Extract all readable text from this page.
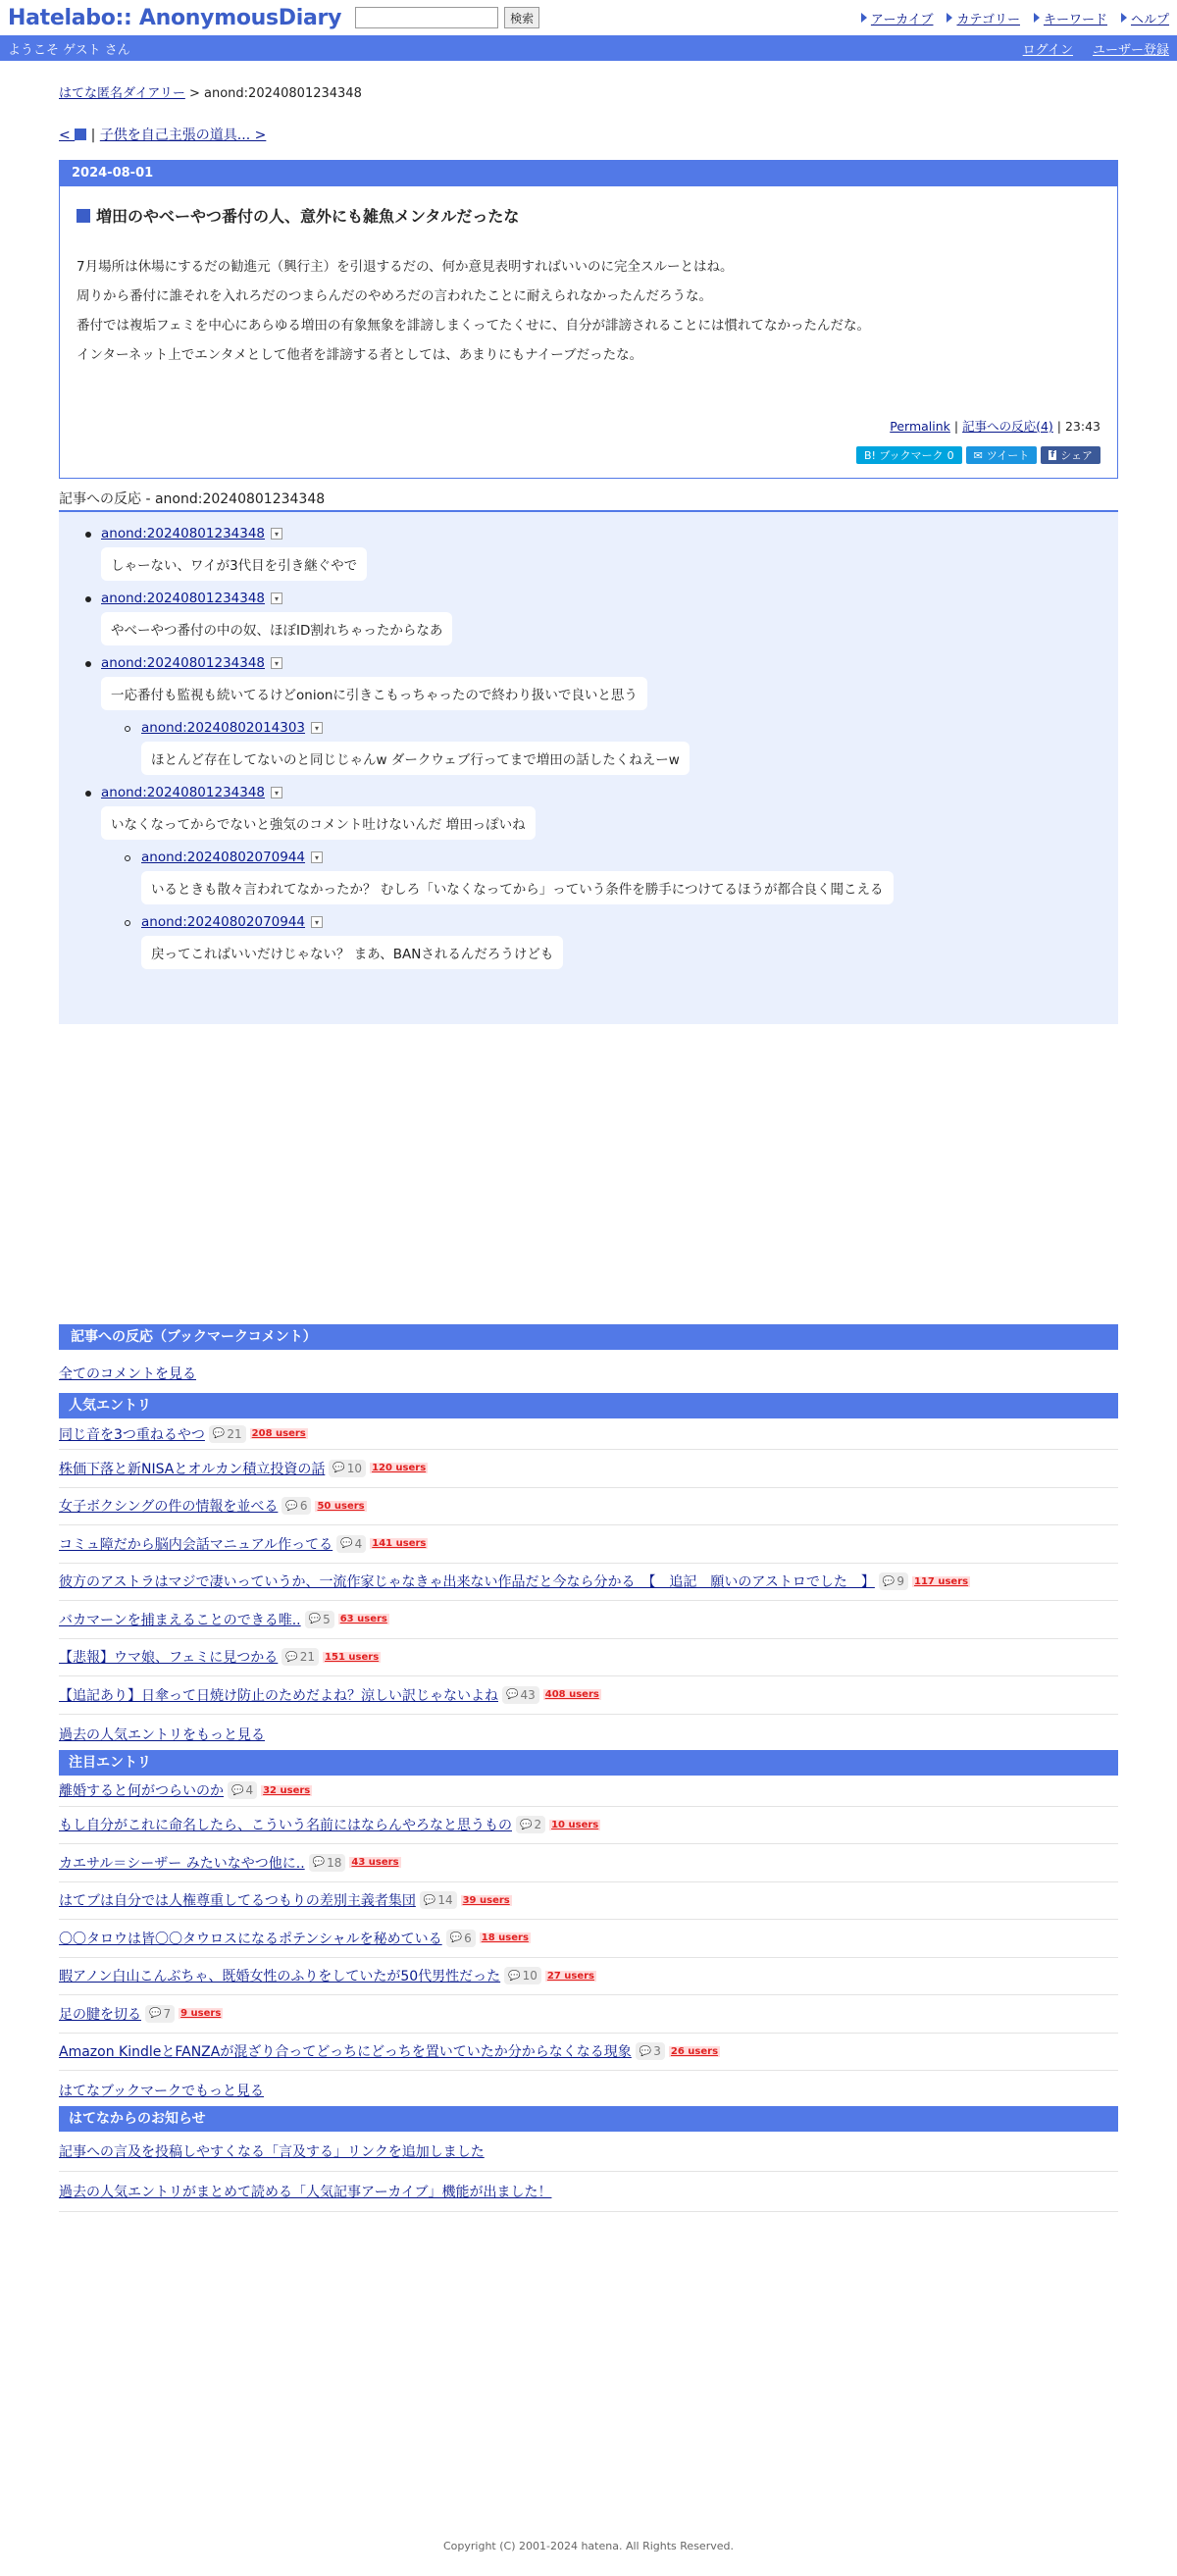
Hatelabo:: AnonymousDiary	検索	アーカイブ カテゴリー キーワード ヘルプ
ようこそ ゲスト さん	ログイン ユーザー登録
はてな匿名ダイアリー > anond:20240801234348
<  | 子供を自己主張の道具... >
2024-08-01
増田のやべーやつ番付の人、意外にも雑魚メンタルだったな

7月場所は休場にするだの勧進元（興行主）を引退するだの、何か意見表明すればいいのに完全スルーとはね。

周りから番付に誰それを入れろだのつまらんだのやめろだの言われたことに耐えられなかったんだろうな。

番付では複垢フェミを中心にあらゆる増田の有象無象を誹謗しまくってたくせに、自分が誹謗されることには慣れてなかったんだな。

インターネット上でエンタメとして他者を誹謗する者としては、あまりにもナイーブだったな。

Permalink | 記事への反応(4) | 23:43
B! ブックマーク 0 ✉ ツイート f シェア
記事への反応 - anond:20240801234348
anond:20240801234348	▾
しゃーない、ワイが3代目を引き継ぐやで
anond:20240801234348	▾
やべーやつ番付の中の奴、ほぼID割れちゃったからなあ
anond:20240801234348	▾
一応番付も監視も続いてるけどonionに引きこもっちゃったので終わり扱いで良いと思う
anond:20240802014303	▾
ほとんど存在してないのと同じじゃんw ダークウェブ行ってまで増田の話したくねえーw
anond:20240801234348	▾
いなくなってからでないと強気のコメント吐けないんだ 増田っぽいね
anond:20240802070944	▾
いるときも散々言われてなかったか？ むしろ「いなくなってから」っていう条件を勝手につけてるほうが都合良く聞こえる
anond:20240802070944	▾
戻ってこればいいだけじゃない？ まあ、BANされるんだろうけども
記事への反応（ブックマークコメント）
全てのコメントを見る
人気エントリ
同じ音を3つ重ねるやつ 💬 21 208 users
株価下落と新NISAとオルカン積立投資の話 💬 10 120 users
女子ボクシングの件の情報を並べる 💬 6 50 users
コミュ障だから脳内会話マニュアル作ってる 💬 4 141 users
彼方のアストラはマジで凄いっていうか、一流作家じゃなきゃ出来ない作品だと今なら分かる　【　追記　願いのアストロでした　】 💬 9 117 users
バカマーンを捕まえることのできる唯.. 💬 5 63 users
【悲報】ウマ娘、フェミに見つかる 💬 21 151 users
【追記あり】日傘って日焼け防止のためだよね？涼しい訳じゃないよね 💬 43 408 users
過去の人気エントリをもっと見る
注目エントリ
離婚すると何がつらいのか 💬 4 32 users
もし自分がこれに命名したら、こういう名前にはならんやろなと思うもの 💬 2 10 users
カエサル＝シーザー みたいなやつ他に.. 💬 18 43 users
はてブは自分では人権尊重してるつもりの差別主義者集団 💬 14 39 users
〇〇タロウは皆〇〇タウロスになるポテンシャルを秘めている 💬 6 18 users
暇アノン白山こんぶちゃ、既婚女性のふりをしていたが50代男性だった 💬 10 27 users
足の腱を切る 💬 7 9 users
Amazon KindleとFANZAが混ざり合ってどっちにどっちを置いていたか分からなくなる現象 💬 3 26 users
はてなブックマークでもっと見る
はてなからのお知らせ
記事への言及を投稿しやすくなる「言及する」リンクを追加しました
過去の人気エントリがまとめて読める「人気記事アーカイブ」機能が出ました！
Copyright (C) 2001-2024 hatena. All Rights Reserved.
